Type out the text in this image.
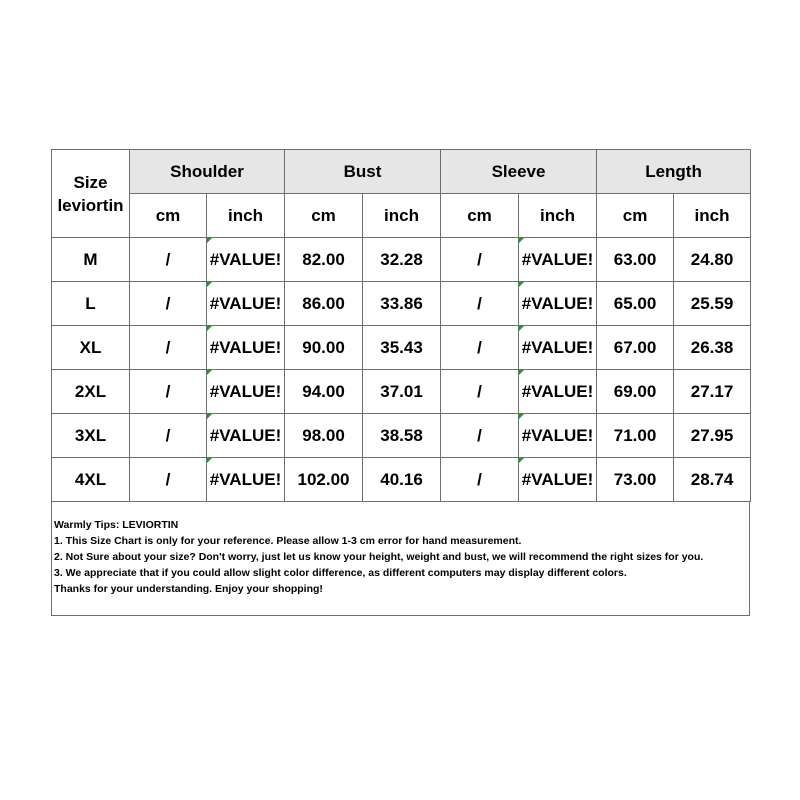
Size
leviortin	Shoulder		Bust		Sleeve		Length	
	cm	inch	cm	inch	cm	inch	cm	inch
M	/	#VALUE!	82.00	32.28	/	#VALUE!	63.00	24.80
L	/	#VALUE!	86.00	33.86	/	#VALUE!	65.00	25.59
XL	/	#VALUE!	90.00	35.43	/	#VALUE!	67.00	26.38
2XL	/	#VALUE!	94.00	37.01	/	#VALUE!	69.00	27.17
3XL	/	#VALUE!	98.00	38.58	/	#VALUE!	71.00	27.95
4XL	/	#VALUE!	102.00	40.16	/	#VALUE!	73.00	28.74
Warmly Tips: LEVIORTIN
1. This Size Chart is only for your reference. Please allow 1-3 cm error for hand measurement.
2. Not Sure about your size? Don't worry, just let us know your height, weight and bust, we will recommend the right sizes for you.
3. We appreciate that if you could allow slight color difference, as different computers may display different colors.
Thanks for your understanding. Enjoy your shopping!
